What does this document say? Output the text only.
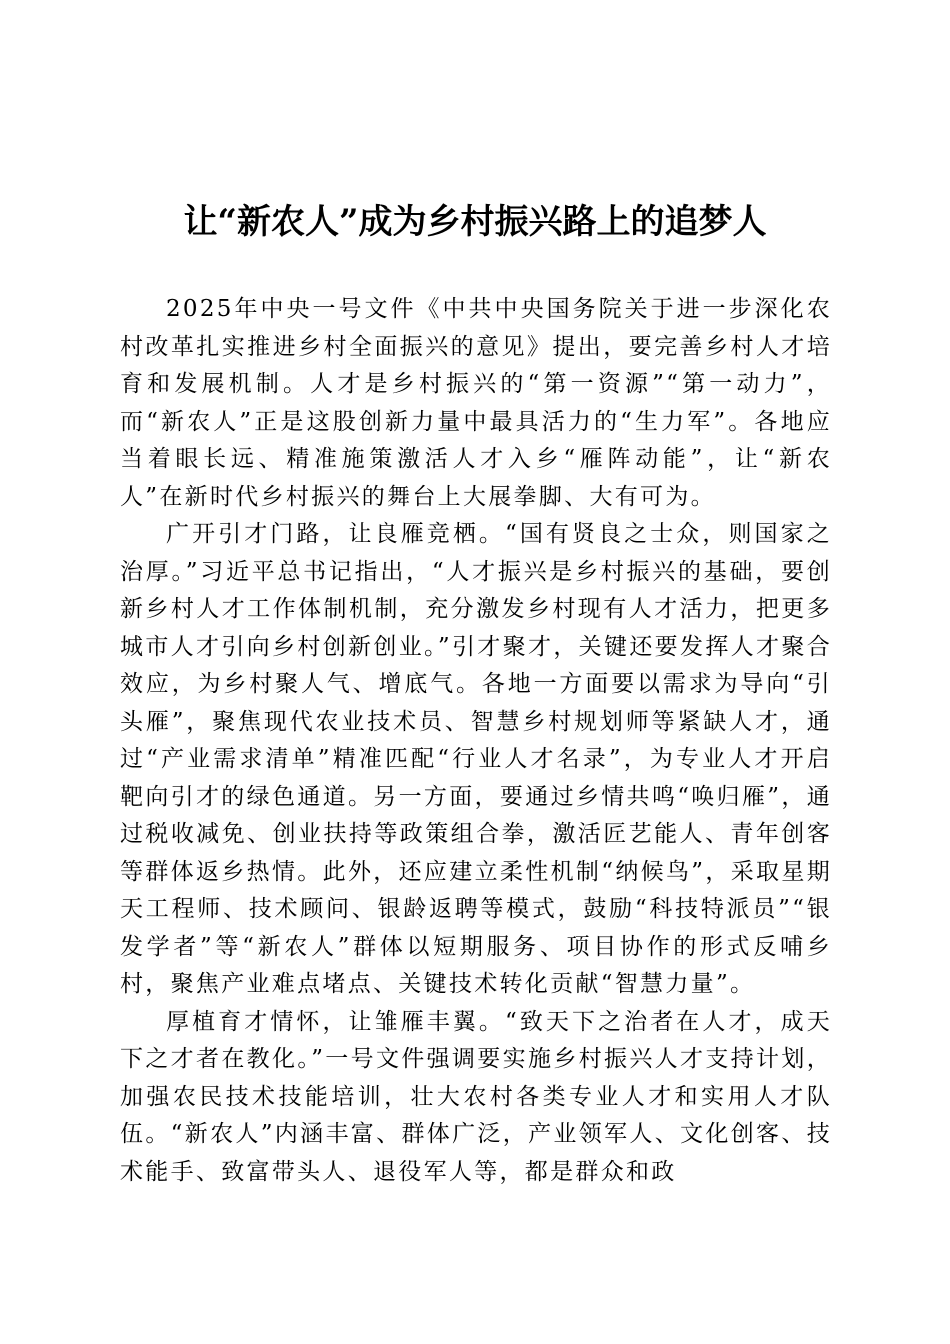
让“新农人”成为乡村振兴路上的追梦人

2025年中央一号文件《中共中央国务院关于进一步深化农村改革扎实推进乡村全面振兴的意见》提出，要完善乡村人才培育和发展机制。人才是乡村振兴的“第一资源”“第一动力”，而“新农人”正是这股创新力量中最具活力的“生力军”。各地应当着眼长远、精准施策激活人才入乡“雁阵动能”，让“新农人”在新时代乡村振兴的舞台上大展拳脚、大有可为。

广开引才门路，让良雁竞栖。“国有贤良之士众，则国家之治厚。”习近平总书记指出，“人才振兴是乡村振兴的基础，要创新乡村人才工作体制机制，充分激发乡村现有人才活力，把更多城市人才引向乡村创新创业。”引才聚才，关键还要发挥人才聚合效应，为乡村聚人气、增底气。各地一方面要以需求为导向“引头雁”，聚焦现代农业技术员、智慧乡村规划师等紧缺人才，通过“产业需求清单”精准匹配“行业人才名录”，为专业人才开启靶向引才的绿色通道。另一方面，要通过乡情共鸣“唤归雁”，通过税收减免、创业扶持等政策组合拳，激活匠艺能人、青年创客等群体返乡热情。此外，还应建立柔性机制“纳候鸟”，采取星期天工程师、技术顾问、银龄返聘等模式，鼓励“科技特派员”“银发学者”等“新农人”群体以短期服务、项目协作的形式反哺乡村，聚焦产业难点堵点、关键技术转化贡献“智慧力量”。

厚植育才情怀，让雏雁丰翼。“致天下之治者在人才，成天下之才者在教化。”一号文件强调要实施乡村振兴人才支持计划，加强农民技术技能培训，壮大农村各类专业人才和实用人才队伍。“新农人”内涵丰富、群体广泛，产业领军人、文化创客、技术能手、致富带头人、退役军人等，都是群众和政
